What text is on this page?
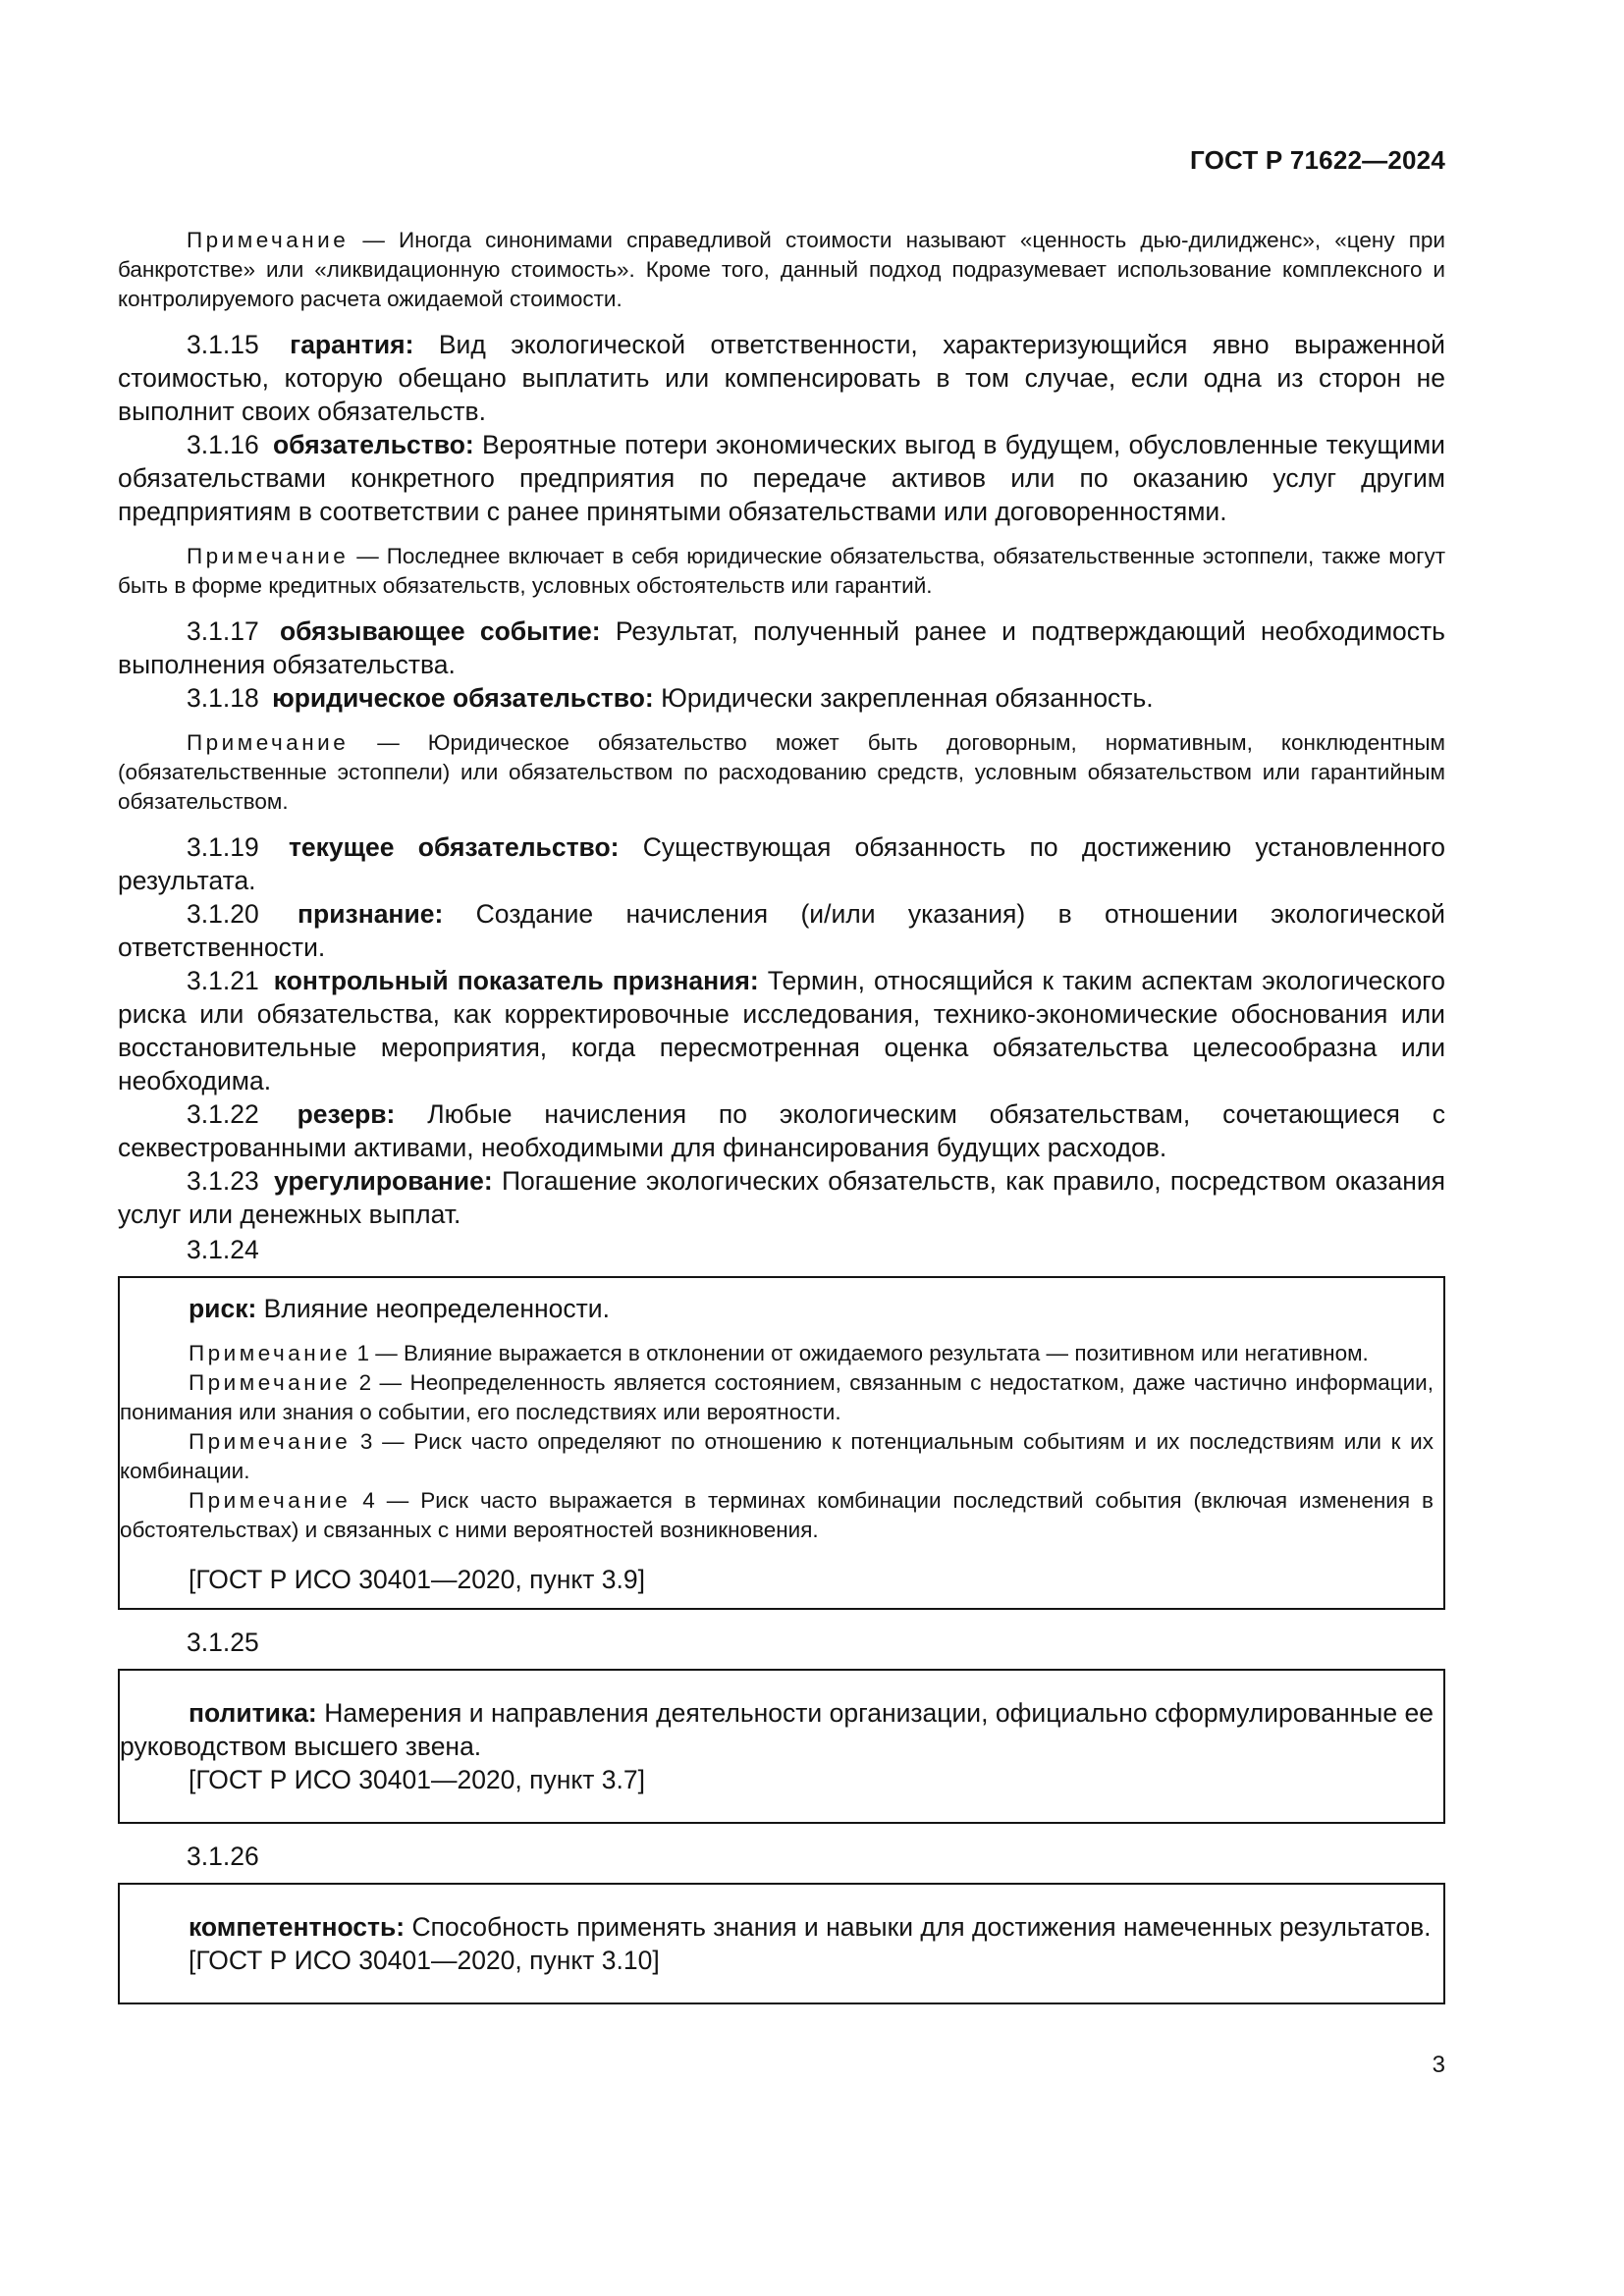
ГОСТ Р 71622—2024

Примечание — Иногда синонимами справедливой стоимости называют «ценность дью-дилидженс», «цену при банкротстве» или «ликвидационную стоимость». Кроме того, данный подход подразумевает использование комплексного и контролируемого расчета ожидаемой стоимости.

3.1.15 гарантия: Вид экологической ответственности, характеризующийся явно выраженной стоимостью, которую обещано выплатить или компенсировать в том случае, если одна из сторон не выполнит своих обязательств.

3.1.16 обязательство: Вероятные потери экономических выгод в будущем, обусловленные текущими обязательствами конкретного предприятия по передаче активов или по оказанию услуг другим предприятиям в соответствии с ранее принятыми обязательствами или договоренностями.

Примечание — Последнее включает в себя юридические обязательства, обязательственные эстоппели, также могут быть в форме кредитных обязательств, условных обстоятельств или гарантий.

3.1.17 обязывающее событие: Результат, полученный ранее и подтверждающий необходимость выполнения обязательства.

3.1.18 юридическое обязательство: Юридически закрепленная обязанность.

Примечание — Юридическое обязательство может быть договорным, нормативным, конклюдентным (обязательственные эстоппели) или обязательством по расходованию средств, условным обязательством или гарантийным обязательством.

3.1.19 текущее обязательство: Существующая обязанность по достижению установленного результата.

3.1.20 признание: Создание начисления (и/или указания) в отношении экологической ответственности.

3.1.21 контрольный показатель признания: Термин, относящийся к таким аспектам экологического риска или обязательства, как корректировочные исследования, технико-экономические обоснования или восстановительные мероприятия, когда пересмотренная оценка обязательства целесообразна или необходима.

3.1.22 резерв: Любые начисления по экологическим обязательствам, сочетающиеся с секвестрованными активами, необходимыми для финансирования будущих расходов.

3.1.23 урегулирование: Погашение экологических обязательств, как правило, посредством оказания услуг или денежных выплат.

3.1.24

риск: Влияние неопределенности.

Примечание 1 — Влияние выражается в отклонении от ожидаемого результата — позитивном или негативном.

Примечание 2 — Неопределенность является состоянием, связанным с недостатком, даже частично информации, понимания или знания о событии, его последствиях или вероятности.

Примечание 3 — Риск часто определяют по отношению к потенциальным событиям и их последствиям или к их комбинации.

Примечание 4 — Риск часто выражается в терминах комбинации последствий события (включая изменения в обстоятельствах) и связанных с ними вероятностей возникновения.

[ГОСТ Р ИСО 30401—2020, пункт 3.9]
3.1.25

политика: Намерения и направления деятельности организации, официально сформулированные ее руководством высшего звена.

[ГОСТ Р ИСО 30401—2020, пункт 3.7]
3.1.26

компетентность: Способность применять знания и навыки для достижения намеченных результатов.

[ГОСТ Р ИСО 30401—2020, пункт 3.10]
3
